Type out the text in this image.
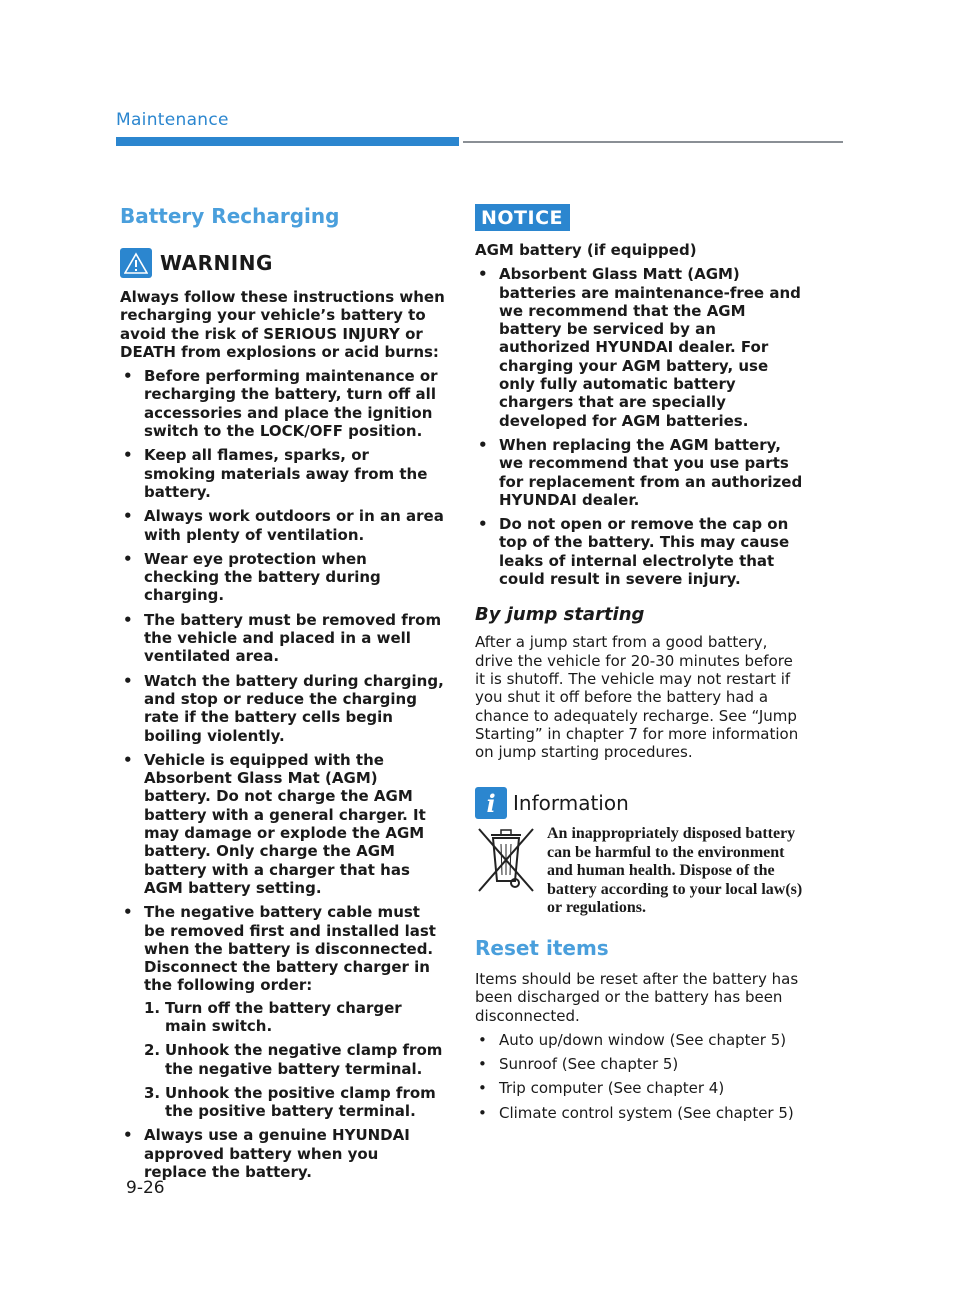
Maintenance
Battery Recharging
WARNING

Always follow these instructions when recharging your vehicle’s battery to avoid the risk of SERIOUS INJURY or DEATH from explosions or acid burns:

• Before performing maintenance or recharging the battery, turn off all accessories and place the ignition switch to the LOCK/OFF position.
• Keep all flames, sparks, or smoking materials away from the battery.
• Always work outdoors or in an area with plenty of ventilation.
• Wear eye protection when checking the battery during charging.
• The battery must be removed from the vehicle and placed in a well ventilated area.
• Watch the battery during charging, and stop or reduce the charging rate if the battery cells begin boiling violently.
• Vehicle is equipped with the Absorbent Glass Mat (AGM) battery. Do not charge the AGM battery with a general charger. It may damage or explode the AGM battery. Only charge the AGM battery with a charger that has AGM battery setting.
• The negative battery cable must be removed first and installed last when the battery is disconnected. Disconnect the battery charger in the following order:
1. Turn off the battery charger main switch.
2. Unhook the negative clamp from the negative battery terminal.
3. Unhook the positive clamp from the positive battery terminal.
• Always use a genuine HYUNDAI approved battery when you replace the battery.
NOTICE

AGM battery (if equipped)

• Absorbent Glass Matt (AGM) batteries are maintenance-free and we recommend that the AGM battery be serviced by an authorized HYUNDAI dealer. For charging your AGM battery, use only fully automatic battery chargers that are specially developed for AGM batteries.
• When replacing the AGM battery, we recommend that you use parts for replacement from an authorized HYUNDAI dealer.
• Do not open or remove the cap on top of the battery. This may cause leaks of internal electrolyte that could result in severe injury.
By jump starting

After a jump start from a good battery, drive the vehicle for 20-30 minutes before it is shutoff. The vehicle may not restart if you shut it off before the battery had a chance to adequately recharge. See “Jump Starting” in chapter 7 for more information on jump starting procedures.

i Information

An inappropriately disposed battery can be harmful to the environment and human health. Dispose of the battery according to your local law(s) or regulations.

Reset items

Items should be reset after the battery has been discharged or the battery has been disconnected.

• Auto up/down window (See chapter 5)
• Sunroof (See chapter 5)
• Trip computer (See chapter 4)
• Climate control system (See chapter 5)
9-26
